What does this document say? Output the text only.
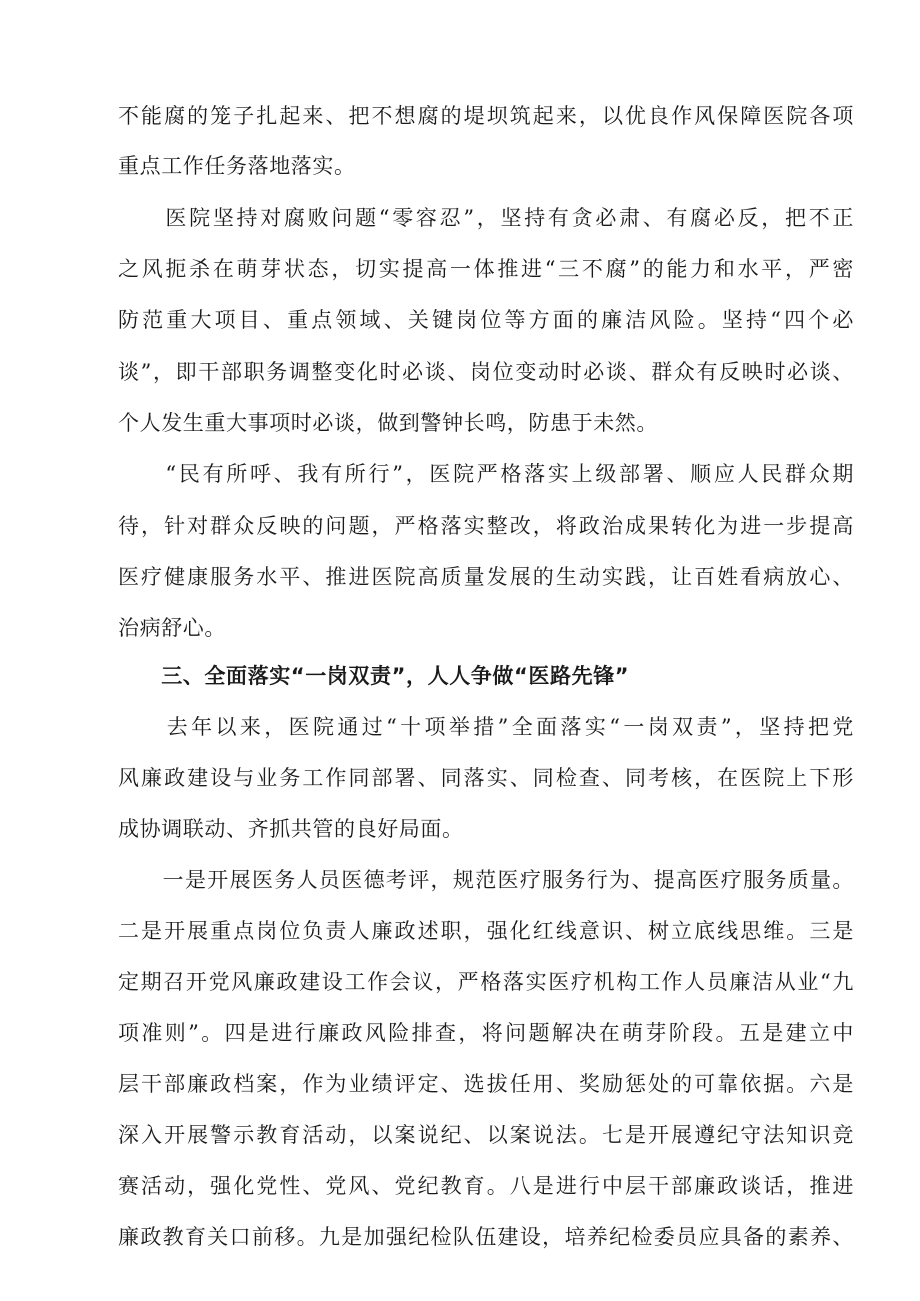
不能腐的笼子扎起来、把不想腐的堤坝筑起来，以优良作风保障医院各项
重点工作任务落地落实。
　　医院坚持对腐败问题“零容忍”，坚持有贪必肃、有腐必反，把不正
之风扼杀在萌芽状态，切实提高一体推进“三不腐”的能力和水平，严密
防范重大项目、重点领域、关键岗位等方面的廉洁风险。坚持“四个必
谈”，即干部职务调整变化时必谈、岗位变动时必谈、群众有反映时必谈、
个人发生重大事项时必谈，做到警钟长鸣，防患于未然。
　　“民有所呼、我有所行”，医院严格落实上级部署、顺应人民群众期
待，针对群众反映的问题，严格落实整改，将政治成果转化为进一步提高
医疗健康服务水平、推进医院高质量发展的生动实践，让百姓看病放心、
治病舒心。
　　三、全面落实“一岗双责”，人人争做“医路先锋”
　　去年以来，医院通过“十项举措”全面落实“一岗双责”，坚持把党
风廉政建设与业务工作同部署、同落实、同检查、同考核，在医院上下形
成协调联动、齐抓共管的良好局面。
　　一是开展医务人员医德考评，规范医疗服务行为、提高医疗服务质量。
二是开展重点岗位负责人廉政述职，强化红线意识、树立底线思维。三是
定期召开党风廉政建设工作会议，严格落实医疗机构工作人员廉洁从业“九
项准则”。四是进行廉政风险排查，将问题解决在萌芽阶段。五是建立中
层干部廉政档案，作为业绩评定、选拔任用、奖励惩处的可靠依据。六是
深入开展警示教育活动，以案说纪、以案说法。七是开展遵纪守法知识竞
赛活动，强化党性、党风、党纪教育。八是进行中层干部廉政谈话，推进
廉政教育关口前移。九是加强纪检队伍建设，培养纪检委员应具备的素养、
